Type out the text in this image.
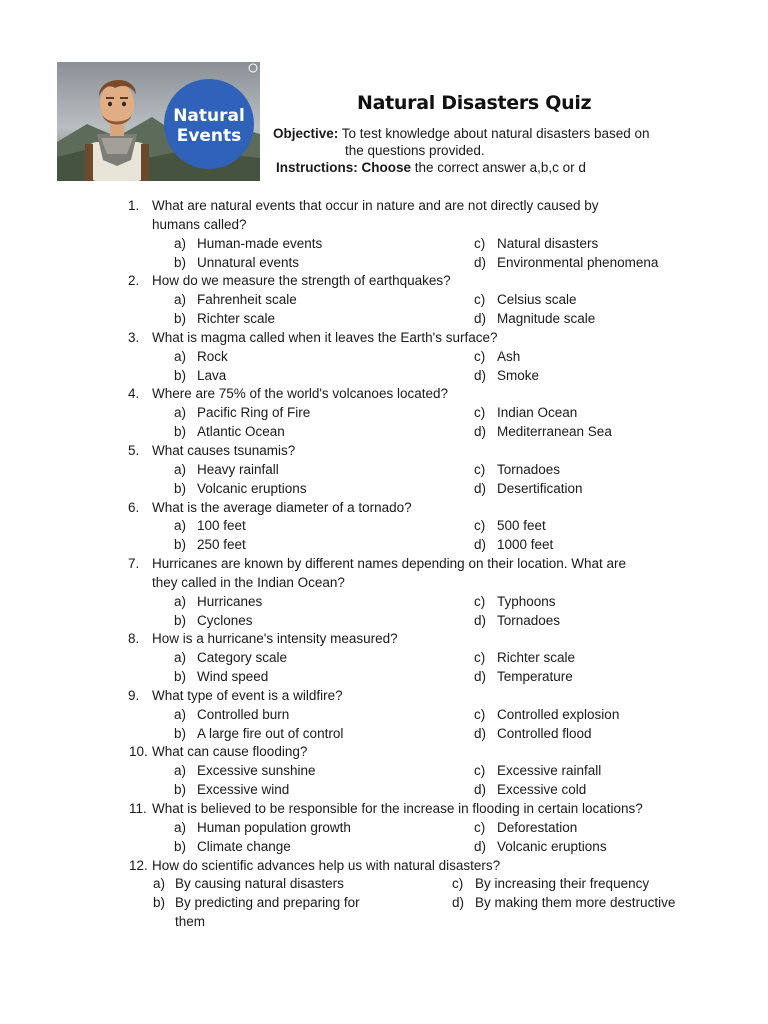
Natural
Events
Natural Disasters Quiz
Objective: To test knowledge about natural disasters based on
the questions provided.
Instructions: Choose the correct answer a,b,c or d
1. What are natural events that occur in nature and are not directly caused by
humans called?
a) Human-made events	c) Natural disasters
b) Unnatural events	d) Environmental phenomena
2. How do we measure the strength of earthquakes?
a) Fahrenheit scale	c) Celsius scale
b) Richter scale	d) Magnitude scale
3. What is magma called when it leaves the Earth's surface?
a) Rock	c) Ash
b) Lava	d) Smoke
4. Where are 75% of the world's volcanoes located?
a) Pacific Ring of Fire	c) Indian Ocean
b) Atlantic Ocean	d) Mediterranean Sea
5. What causes tsunamis?
a) Heavy rainfall	c) Tornadoes
b) Volcanic eruptions	d) Desertification
6. What is the average diameter of a tornado?
a) 100 feet	c) 500 feet
b) 250 feet	d) 1000 feet
7. Hurricanes are known by different names depending on their location. What are
they called in the Indian Ocean?
a) Hurricanes	c) Typhoons
b) Cyclones	d) Tornadoes
8. How is a hurricane's intensity measured?
a) Category scale	c) Richter scale
b) Wind speed	d) Temperature
9. What type of event is a wildfire?
a) Controlled burn	c) Controlled explosion
b) A large fire out of control	d) Controlled flood
10. What can cause flooding?
a) Excessive sunshine	c) Excessive rainfall
b) Excessive wind	d) Excessive cold
11. What is believed to be responsible for the increase in flooding in certain locations?
a) Human population growth	c) Deforestation
b) Climate change	d) Volcanic eruptions
12. How do scientific advances help us with natural disasters?
a) By causing natural disasters	c) By increasing their frequency
b) By predicting and preparing for	d) By making them more destructive
them
